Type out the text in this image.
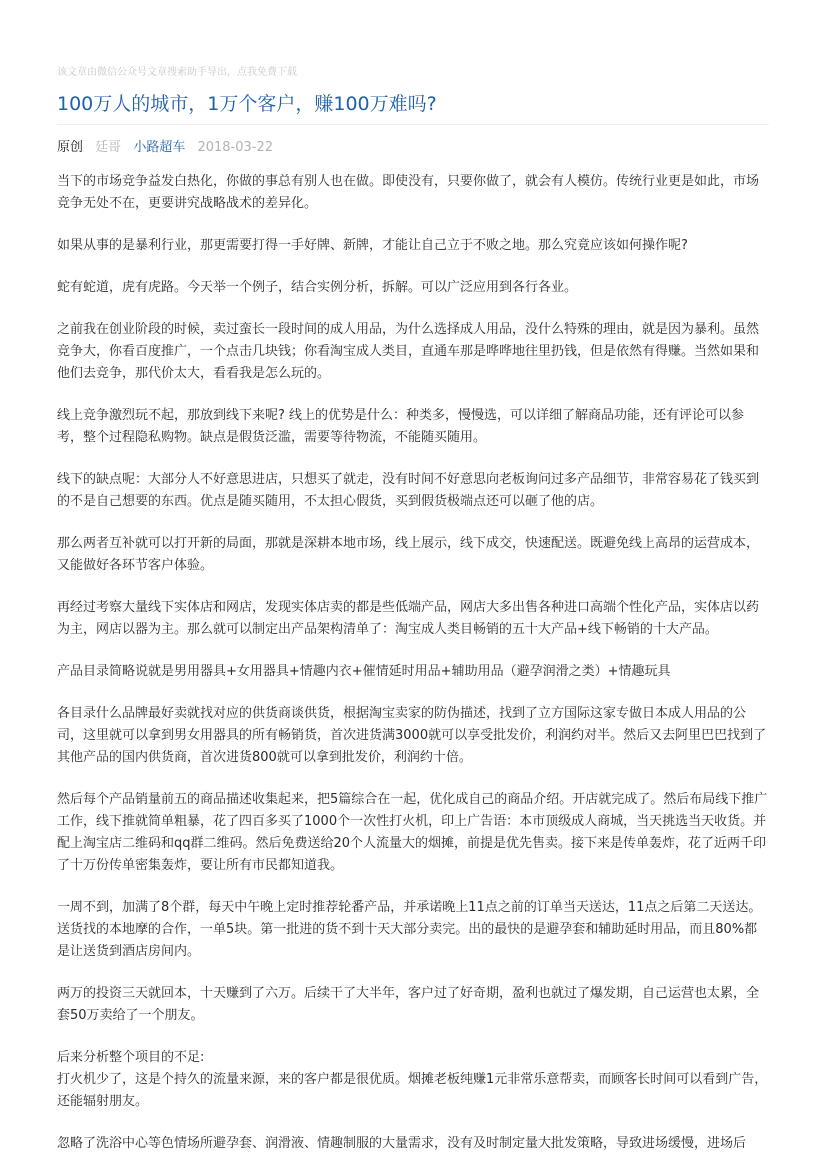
该文章由微信公众号文章搜索助手导出，点我免费下载
100万人的城市，1万个客户，赚100万难吗?
原创 廷哥 小路超车 2018-03-22

当下的市场竞争益发白热化，你做的事总有别人也在做。即使没有，只要你做了，就会有人模仿。传统行业更是如此，市场竞争无处不在，更要讲究战略战术的差异化。

如果从事的是暴利行业，那更需要打得一手好牌、新牌，才能让自己立于不败之地。那么究竟应该如何操作呢?

蛇有蛇道，虎有虎路。今天举一个例子，结合实例分析，拆解。可以广泛应用到各行各业。

之前我在创业阶段的时候，卖过蛮长一段时间的成人用品，为什么选择成人用品，没什么特殊的理由，就是因为暴利。虽然竞争大，你看百度推广，一个点击几块钱；你看淘宝成人类目，直通车那是哗哗地往里扔钱，但是依然有得赚。当然如果和他们去竞争，那代价太大，看看我是怎么玩的。

线上竞争激烈玩不起，那放到线下来呢? 线上的优势是什么：种类多，慢慢选，可以详细了解商品功能，还有评论可以参考，整个过程隐私购物。缺点是假货泛滥，需要等待物流，不能随买随用。

线下的缺点呢：大部分人不好意思进店，只想买了就走，没有时间不好意思向老板询问过多产品细节，非常容易花了钱买到的不是自己想要的东西。优点是随买随用，不太担心假货，买到假货极端点还可以砸了他的店。

那么两者互补就可以打开新的局面，那就是深耕本地市场，线上展示，线下成交，快速配送。既避免线上高昂的运营成本，又能做好各环节客户体验。

再经过考察大量线下实体店和网店，发现实体店卖的都是些低端产品，网店大多出售各种进口高端个性化产品，实体店以药为主，网店以器为主。那么就可以制定出产品架构清单了：淘宝成人类目畅销的五十大产品+线下畅销的十大产品。

产品目录简略说就是男用器具+女用器具+情趣内衣+催情延时用品+辅助用品（避孕润滑之类）+情趣玩具

各目录什么品牌最好卖就找对应的供货商谈供货，根据淘宝卖家的防伪描述，找到了立方国际这家专做日本成人用品的公司，这里就可以拿到男女用器具的所有畅销货，首次进货满3000就可以享受批发价，利润约对半。然后又去阿里巴巴找到了其他产品的国内供货商，首次进货800就可以拿到批发价，利润约十倍。

然后每个产品销量前五的商品描述收集起来，把5篇综合在一起，优化成自己的商品介绍。开店就完成了。然后布局线下推广工作，线下推就简单粗暴，花了四百多买了1000个一次性打火机，印上广告语：本市顶级成人商城，当天挑选当天收货。并配上淘宝店二维码和qq群二维码。然后免费送给20个人流量大的烟摊，前提是优先售卖。接下来是传单轰炸，花了近两千印了十万份传单密集轰炸，要让所有市民都知道我。

一周不到，加满了8个群，每天中午晚上定时推荐轮番产品，并承诺晚上11点之前的订单当天送达，11点之后第二天送达。送货找的本地摩的合作，一单5块。第一批进的货不到十天大部分卖完。出的最快的是避孕套和辅助延时用品，而且80%都是让送货到酒店房间内。

两万的投资三天就回本，十天赚到了六万。后续干了大半年，客户过了好奇期，盈利也就过了爆发期，自己运营也太累，全套50万卖给了一个朋友。

后来分析整个项目的不足:

打火机少了，这是个持久的流量来源，来的客户都是很优质。烟摊老板纯赚1元非常乐意帮卖，而顾客长时间可以看到广告，还能辐射朋友。

忽略了洗浴中心等色情场所避孕套、润滑液、情趣制服的大量需求，没有及时制定量大批发策略，导致进场缓慢，进场后
